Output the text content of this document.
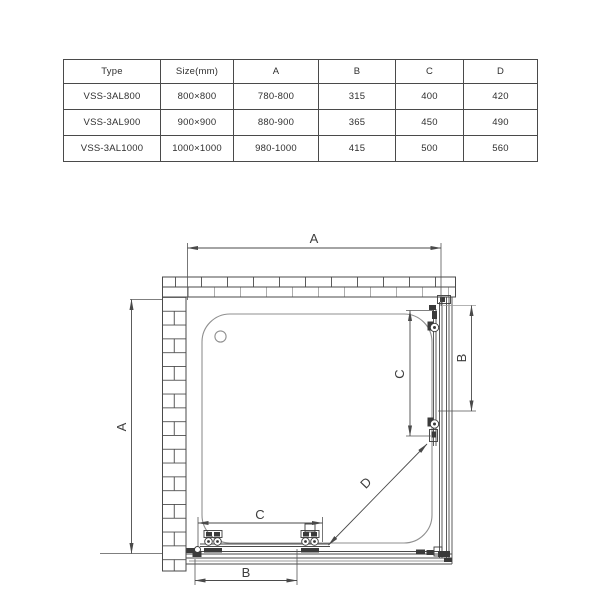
Type	Size(mm)	A	B	C	D
VSS-3AL800	800×800	780-800	315	400	420
VSS-3AL900	900×900	880-900	365	450	490
VSS-3AL1000	1000×1000	980-1000	415	500	560
A
A
C
B
C
B
D
